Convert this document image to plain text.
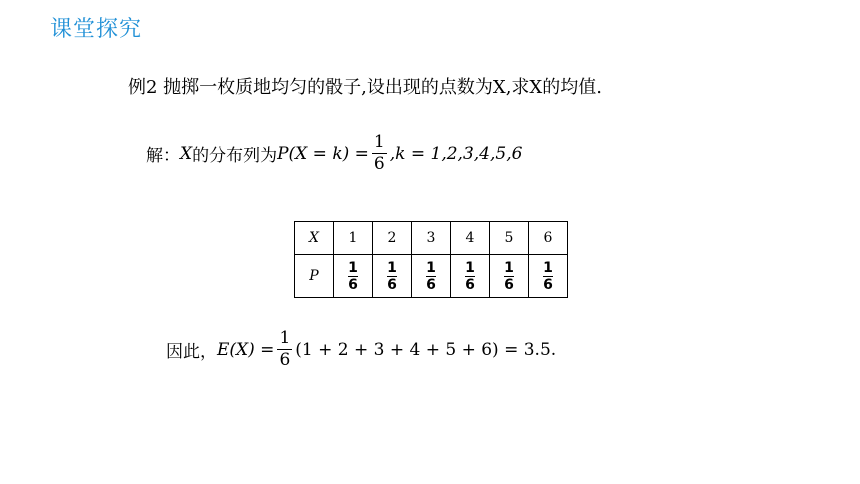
课堂探究
例2 抛掷一枚质地均匀的骰子,设出现的点数为X,求X的均值.
解： X 的分布列为 $P(X = k) = \frac{1}{6} ,k = 1,2,3,4,5,6$
X	1	2	3	4	5	6
P	$\frac{1}{6}$	$\frac{1}{6}$	$\frac{1}{6}$	$\frac{1}{6}$	$\frac{1}{6}$	$\frac{1}{6}$
因此， $E(X) = \frac{1}{6} (1 + 2 + 3 + 4 + 5 + 6) = 3.5$.
